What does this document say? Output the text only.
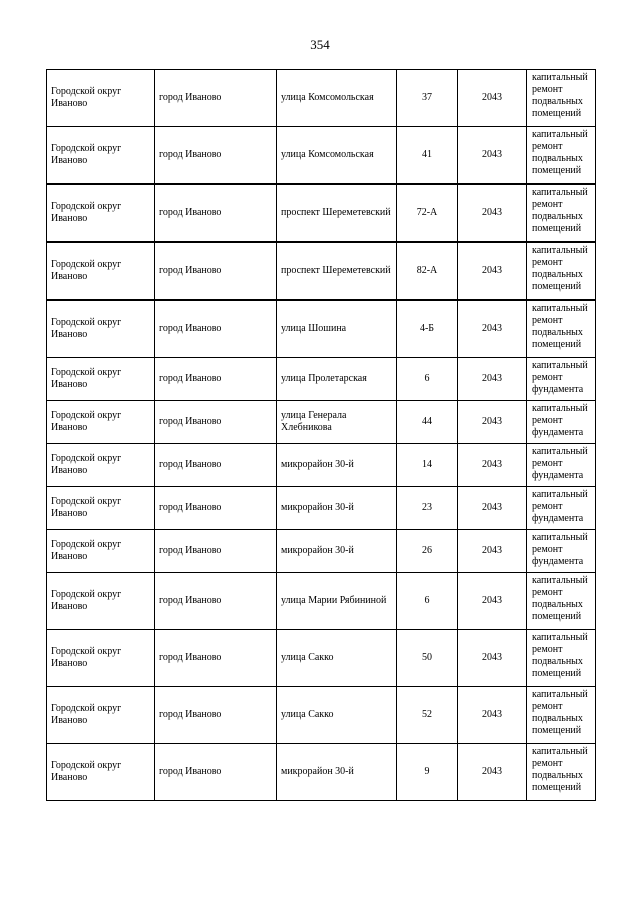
354
Городской округ Иваново	город Иваново	улица Комсомольская	37	2043	капитальный ремонт подвальных помещений
Городской округ Иваново	город Иваново	улица Комсомольская	41	2043	капитальный ремонт подвальных помещений
Городской округ Иваново	город Иваново	проспект Шереметевский	72-А	2043	капитальный ремонт подвальных помещений
Городской округ Иваново	город Иваново	проспект Шереметевский	82-А	2043	капитальный ремонт подвальных помещений
Городской округ Иваново	город Иваново	улица Шошина	4-Б	2043	капитальный ремонт подвальных помещений
Городской округ Иваново	город Иваново	улица Пролетарская	6	2043	капитальный ремонт фундамента
Городской округ Иваново	город Иваново	улица Генерала Хлебникова	44	2043	капитальный ремонт фундамента
Городской округ Иваново	город Иваново	микрорайон 30-й	14	2043	капитальный ремонт фундамента
Городской округ Иваново	город Иваново	микрорайон 30-й	23	2043	капитальный ремонт фундамента
Городской округ Иваново	город Иваново	микрорайон 30-й	26	2043	капитальный ремонт фундамента
Городской округ Иваново	город Иваново	улица Марии Рябининой	6	2043	капитальный ремонт подвальных помещений
Городской округ Иваново	город Иваново	улица Сакко	50	2043	капитальный ремонт подвальных помещений
Городской округ Иваново	город Иваново	улица Сакко	52	2043	капитальный ремонт подвальных помещений
Городской округ Иваново	город Иваново	микрорайон 30-й	9	2043	капитальный ремонт подвальных помещений
